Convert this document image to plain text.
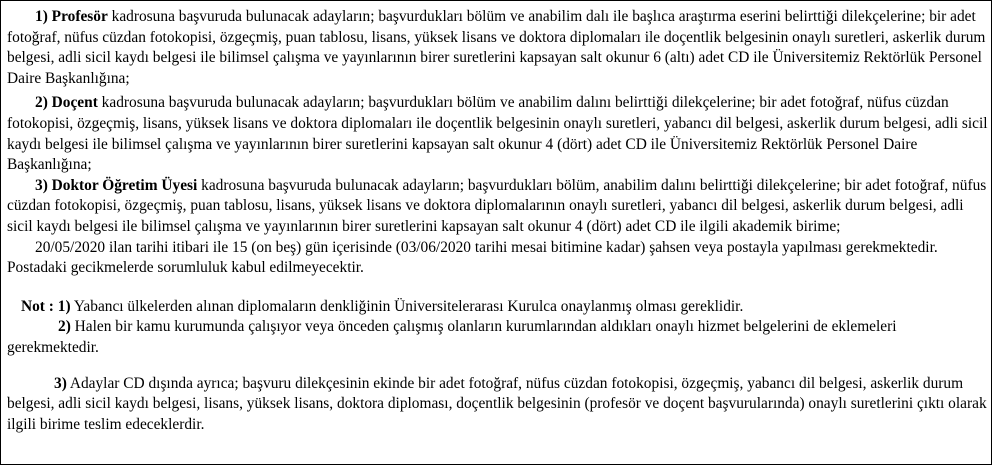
1) Profesör kadrosuna başvuruda bulunacak adayların; başvurdukları bölüm ve anabilim dalı ile başlıca araştırma eserini belirttiği dilekçelerine; bir adet fotoğraf, nüfus cüzdan fotokopisi, özgeçmiş, puan tablosu, lisans, yüksek lisans ve doktora diplomaları ile doçentlik belgesinin onaylı suretleri, askerlik durum belgesi, adli sicil kaydı belgesi ile bilimsel çalışma ve yayınlarının birer suretlerini kapsayan salt okunur 6 (altı) adet CD ile Üniversitemiz Rektörlük Personel Daire Başkanlığına;

2) Doçent kadrosuna başvuruda bulunacak adayların; başvurdukları bölüm ve anabilim dalını belirttiği dilekçelerine; bir adet fotoğraf, nüfus cüzdan fotokopisi, özgeçmiş, lisans, yüksek lisans ve doktora diplomaları ile doçentlik belgesinin onaylı suretleri, yabancı dil belgesi, askerlik durum belgesi, adli sicil kaydı belgesi ile bilimsel çalışma ve yayınlarının birer suretlerini kapsayan salt okunur 4 (dört) adet CD ile Üniversitemiz Rektörlük Personel Daire Başkanlığına;

3) Doktor Öğretim Üyesi kadrosuna başvuruda bulunacak adayların; başvurdukları bölüm, anabilim dalını belirttiği dilekçelerine; bir adet fotoğraf, nüfus cüzdan fotokopisi, özgeçmiş, puan tablosu, lisans, yüksek lisans ve doktora diplomalarının onaylı suretleri, yabancı dil belgesi, askerlik durum belgesi, adli sicil kaydı belgesi ile bilimsel çalışma ve yayınlarının birer suretlerini kapsayan salt okunur 4 (dört) adet CD ile ilgili akademik birime;

20/05/2020 ilan tarihi itibari ile 15 (on beş) gün içerisinde (03/06/2020 tarihi mesai bitimine kadar) şahsen veya postayla yapılması gerekmektedir. Postadaki gecikmelerde sorumluluk kabul edilmeyecektir.

Not : 1) Yabancı ülkelerden alınan diplomaların denkliğinin Üniversitelerarası Kurulca onaylanmış olması gereklidir.

2) Halen bir kamu kurumunda çalışıyor veya önceden çalışmış olanların kurumlarından aldıkları onaylı hizmet belgelerini de eklemeleri gerekmektedir.

3) Adaylar CD dışında ayrıca; başvuru dilekçesinin ekinde bir adet fotoğraf, nüfus cüzdan fotokopisi, özgeçmiş, yabancı dil belgesi, askerlik durum belgesi, adli sicil kaydı belgesi, lisans, yüksek lisans, doktora diploması, doçentlik belgesinin (profesör ve doçent başvurularında) onaylı suretlerini çıktı olarak ilgili birime teslim edeceklerdir.
